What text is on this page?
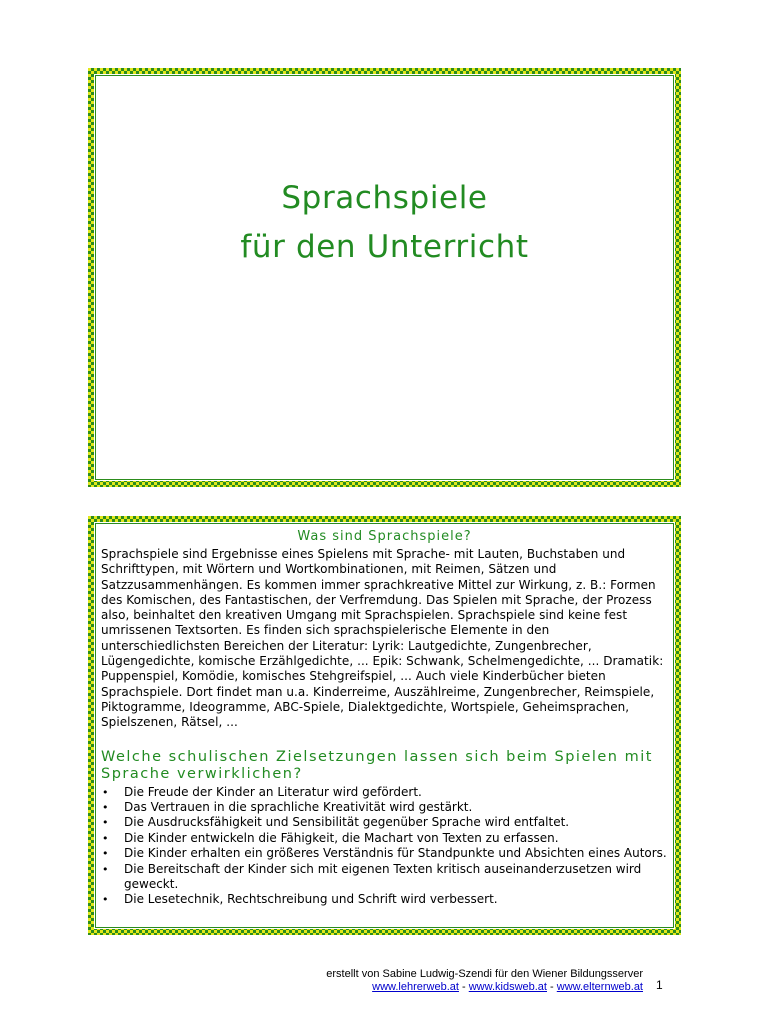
Sprachspiele
für den Unterricht

Was sind Sprachspiele?

Sprachspiele sind Ergebnisse eines Spielens mit Sprache- mit Lauten, Buchstaben und Schrifttypen, mit Wörtern und Wortkombinationen, mit Reimen, Sätzen und Satzzusammenhängen. Es kommen immer sprachkreative Mittel zur Wirkung, z. B.: Formen des Komischen, des Fantastischen, der Verfremdung. Das Spielen mit Sprache, der Prozess also, beinhaltet den kreativen Umgang mit Sprachspielen. Sprachspiele sind keine fest umrissenen Textsorten. Es finden sich sprachspielerische Elemente in den unterschiedlichsten Bereichen der Literatur: Lyrik: Lautgedichte, Zungenbrecher, Lügengedichte, komische Erzählgedichte, ... Epik: Schwank, Schelmengedichte, ... Dramatik: Puppenspiel, Komödie, komisches Stehgreifspiel, ... Auch viele Kinderbücher bieten Sprachspiele. Dort findet man u.a. Kinderreime, Auszählreime, Zungenbrecher, Reimspiele, Piktogramme, Ideogramme, ABC-Spiele, Dialektgedichte, Wortspiele, Geheimsprachen, Spielszenen, Rätsel, ...

Welche schulischen Zielsetzungen lassen sich beim Spielen mit Sprache verwirklichen?

• Die Freude der Kinder an Literatur wird gefördert.
• Das Vertrauen in die sprachliche Kreativität wird gestärkt.
• Die Ausdrucksfähigkeit und Sensibilität gegenüber Sprache wird entfaltet.
• Die Kinder entwickeln die Fähigkeit, die Machart von Texten zu erfassen.
• Die Kinder erhalten ein größeres Verständnis für Standpunkte und Absichten eines Autors.
• Die Bereitschaft der Kinder sich mit eigenen Texten kritisch auseinanderzusetzen wird geweckt.
• Die Lesetechnik, Rechtschreibung und Schrift wird verbessert.
erstellt von Sabine Ludwig-Szendi für den Wiener Bildungsserver
www.lehrerweb.at - www.kidsweb.at - www.elternweb.at 1
